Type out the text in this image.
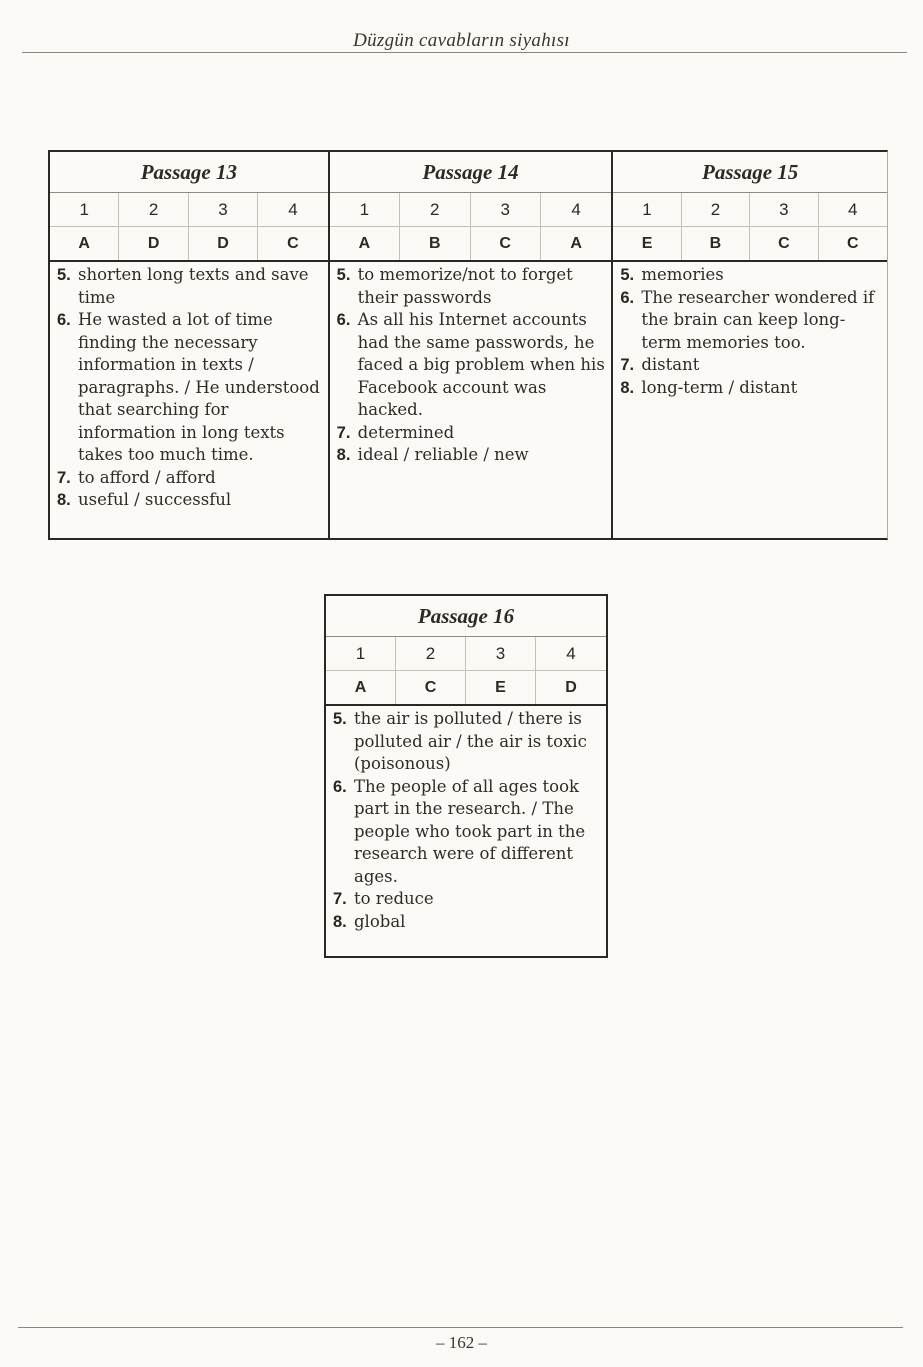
Düzgün cavabların siyahısı
Passage 13
1	2	3	4
A	D	D	C
5. shorten long texts and save time
6. He wasted a lot of time finding the necessary information in texts / paragraphs. / He understood that searching for information in long texts takes too much time.
7. to afford / afford
8. useful / successful
Passage 14
1	2	3	4
A	B	C	A
5. to memorize/not to forget their passwords
6. As all his Internet accounts had the same passwords, he faced a big problem when his Facebook account was hacked.
7. determined
8. ideal / reliable / new
Passage 15
1	2	3	4
E	B	C	C
5. memories
6. The researcher wondered if the brain can keep long-term memories too.
7. distant
8. long-term / distant
Passage 16
1	2	3	4
A	C	E	D
5. the air is polluted / there is polluted air / the air is toxic (poisonous)
6. The people of all ages took part in the research. / The people who took part in the research were of different ages.
7. to reduce
8. global
– 162 –
